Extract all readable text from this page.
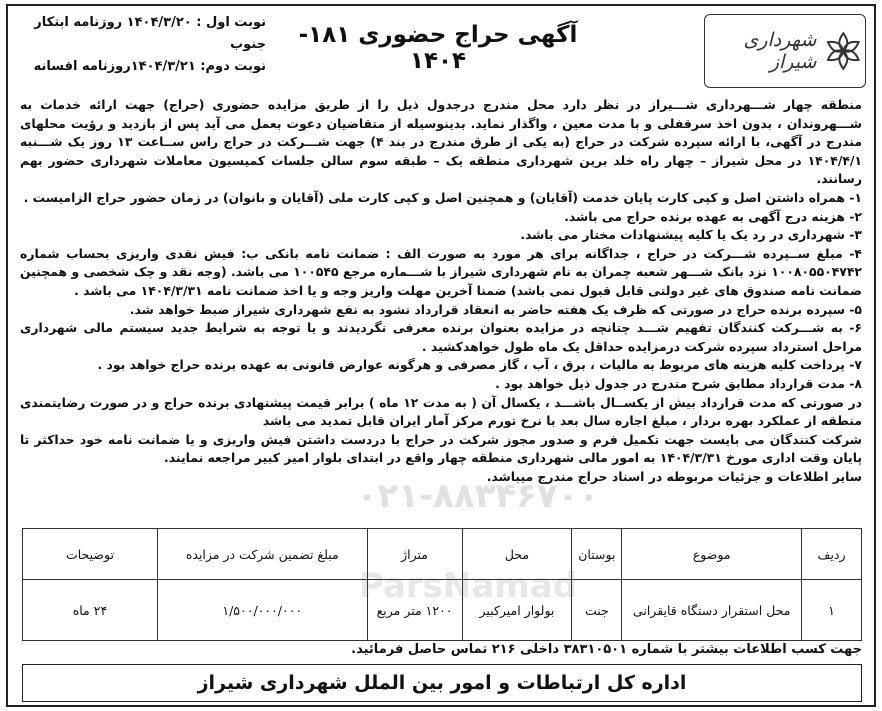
شهرداری شیراز
آگهی حراج حضوری ۱۸۱- ۱۴۰۴
نوبت اول : ۱۴۰۴/۳/۲۰ روزنامه ابتکار جنوب
نوبت دوم: ۱۴۰۴/۳/۲۱روزنامه افسانه

منطقه چهار شـــهرداری شـــیراز در نظر دارد محل مندرج درجدول ذیل را از طریق مزایده حضوری (حراج) جهت ارائه خدمات به شـــهروندان ، بدون اخذ سرقفلی و با مدت معین ، واگذار نماید. بدینوسیله از متقاضیان دعوت بعمل می آید پس از بازدید و رؤیت محلهای مندرج در آگهی، با ارائه سپرده شرکت در حراج (به یکی از طرق مندرج در بند ۴) جهت شـــرکت در حراج راس ســاعت ۱۳ روز یک شـــنبه ۱۴۰۴/۴/۱ در محل شیراز – چهار راه خلد برین شهرداری منطقه یک – طبقه سوم سالن جلسات کمیسیون معاملات شهرداری حضور بهم رسانند.

۱- همراه داشتن اصل و کپی کارت پایان خدمت (آقایان) و همچنین اصل و کپی کارت ملی (آقایان و بانوان) در زمان حضور حراج الزامیست .

۲- هزینه درج آگهی به عهده برنده حراج می باشد.

۳- شهرداری در رد یک یا کلیه پیشنهادات مختار می باشد.

۴- مبلغ ســپرده شـــرکت در حراج ، جداگانه برای هر مورد به صورت الف : ضمانت نامه بانکی ب: فیش نقدی واریزی بحساب شماره ۱۰۰۸۰۵۵۰۴۷۴۲ نزد بانک شـــهر شعبه چمران به نام شهرداری شیراز با شـــماره مرجع ۱۰۰۵۴۵ می باشد. (وجه نقد و چک شخصی و همچنین ضمانت نامه صندوق های غیر دولتی قابل قبول نمی باشد) ضمنا آخرین مهلت واریز وجه و یا اخذ ضمانت نامه ۱۴۰۴/۳/۳۱ می باشد .

۵- سپرده برنده حراج در صورتی که ظرف یک هفته حاضر به انعقاد قرارداد نشود به نفع شهرداری شیراز ضبط خواهد شد.

۶- به شـــرکت کنندگان تفهیم شـــد چنانچه در مزایده بعنوان برنده معرفی نگردیدند و یا توجه به شرایط جدید سیستم مالی شهرداری مراحل استرداد سپرده شرکت درمزایده حداقل یک ماه طول خواهدکشید .

۷- پرداخت کلیه هزینه های مربوط به مالیات ، برق ، آب ، گاز مصرفی و هرگونه عوارض قانونی به عهده برنده حراج خواهد بود .

۸- مدت قرارداد مطابق شرح مندرج در جدول ذیل خواهد بود .

در صورتی که مدت قرارداد بیش از یکســال باشـــد ، یکسال آن ( به مدت ۱۲ ماه ) برابر قیمت پیشنهادی برنده حراج و در صورت رضایتمندی منطقه از عملکرد بهره بردار ، مبلغ اجاره سال بعد با نرخ تورم مرکز آمار ایران قابل تمدید می باشد

شرکت کنندگان می بایست جهت تکمیل فرم و صدور مجوز شرکت در حراج با دردست داشتن فیش واریزی و یا ضمانت نامه خود حداکثر تا پایان وقت اداری مورخ ۱۴۰۴/۳/۳۱ به امور مالی شهرداری منطقه چهار واقع در ابتدای بلوار امیر کبیر مراجعه نمایند.

سایر اطلاعات و جزئیات مربوطه در اسناد حراج مندرج میباشد.

۰۲۱-۸۸۳۴۶۷۰۰
ParsNamad
ردیف	موضوع	بوستان	محل	متراژ	مبلغ تضمین شرکت در مزایده	توضیحات
۱	محل استقرار دستگاه قایقرانی	جنت	بولوار امیرکبیر	۱۲۰۰ متر مربع	۱/۵۰۰/۰۰۰/۰۰۰	۲۴ ماه
جهت کسب اطلاعات بیشتر با شماره ۳۸۳۱۰۵۰۱ داخلی ۲۱۶ تماس حاصل فرمائید.
اداره کل ارتباطات و امور بین الملل شهرداری شیراز
